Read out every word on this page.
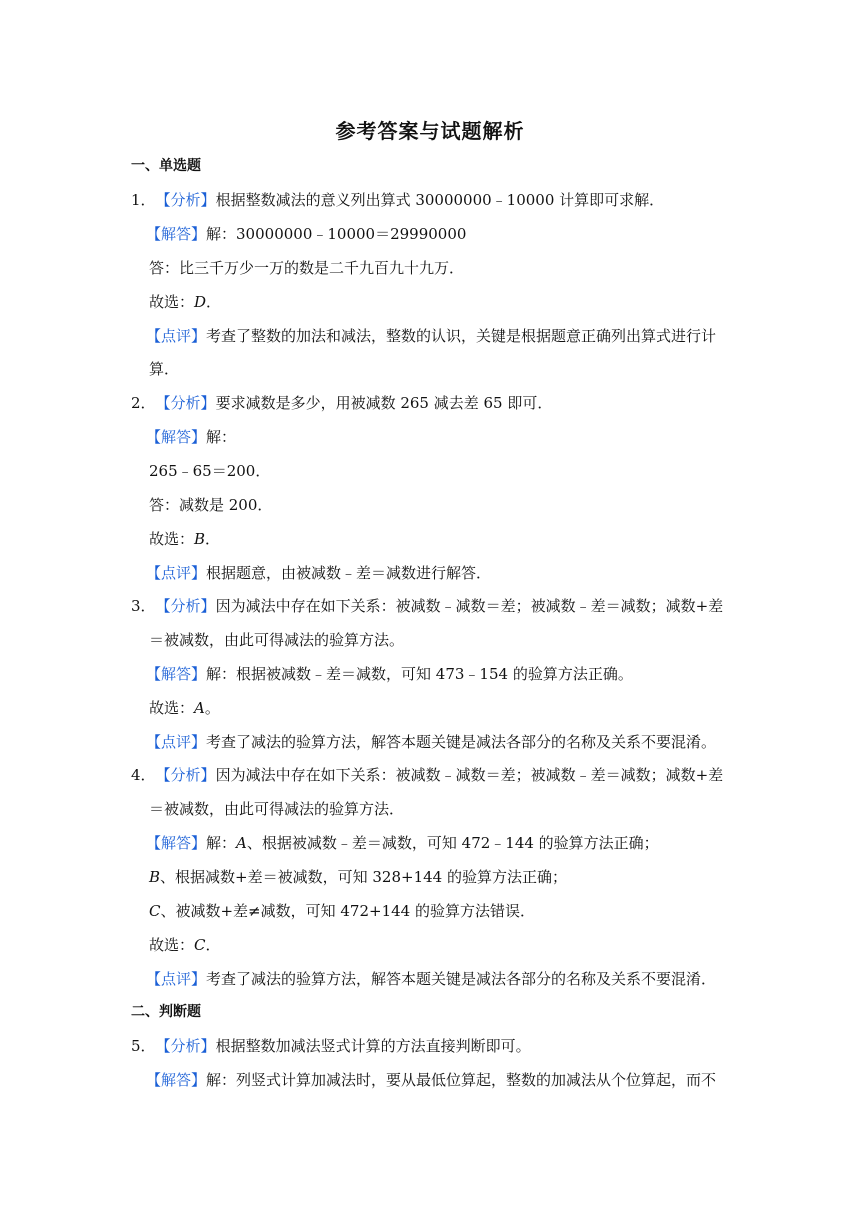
参考答案与试题解析
一、单选题
1．【分析】根据整数减法的意义列出算式 30000000﹣10000 计算即可求解．
【解答】解：30000000﹣10000＝29990000
答：比三千万少一万的数是二千九百九十九万．
故选：D．
【点评】考查了整数的加法和减法，整数的认识，关键是根据题意正确列出算式进行计
算．
2．【分析】要求减数是多少，用被减数 265 减去差 65 即可．
【解答】解：
265﹣65＝200．
答：减数是 200．
故选：B．
【点评】根据题意，由被减数﹣差＝减数进行解答．
3．【分析】因为减法中存在如下关系：被减数﹣减数＝差；被减数﹣差＝减数；减数+差
＝被减数，由此可得减法的验算方法。
【解答】解：根据被减数﹣差＝减数，可知 473﹣154 的验算方法正确。
故选：A。
【点评】考查了减法的验算方法，解答本题关键是减法各部分的名称及关系不要混淆。
4．【分析】因为减法中存在如下关系：被减数﹣减数＝差；被减数﹣差＝减数；减数+差
＝被减数，由此可得减法的验算方法．
【解答】解：A、根据被减数﹣差＝减数，可知 472﹣144 的验算方法正确；
B、根据减数+差＝被减数，可知 328+144 的验算方法正确；
C、被减数+差≠减数，可知 472+144 的验算方法错误．
故选：C．
【点评】考查了减法的验算方法，解答本题关键是减法各部分的名称及关系不要混淆．
二、判断题
5．【分析】根据整数加减法竖式计算的方法直接判断即可。
【解答】解：列竖式计算加减法时，要从最低位算起，整数的加减法从个位算起，而不
